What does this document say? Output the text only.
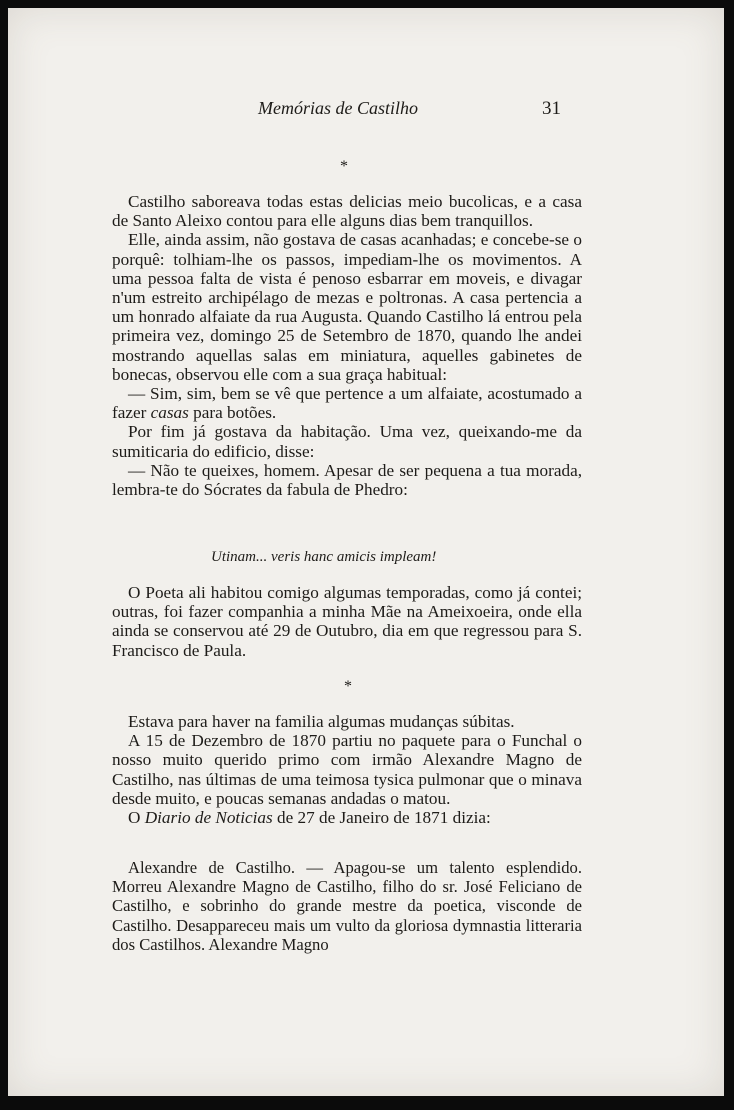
Memórias de Castilho	31
*

Castilho saboreava todas estas delicias meio bucolicas, e a casa de Santo Aleixo contou para elle alguns dias bem tranquillos.

Elle, ainda assim, não gostava de casas acanhadas; e concebe-se o porquê: tolhiam-lhe os passos, impediam-lhe os movimentos. A uma pessoa falta de vista é penoso esbarrar em moveis, e divagar n'um estreito archipélago de mezas e poltronas. A casa pertencia a um honrado alfaiate da rua Augusta. Quando Castilho lá entrou pela primeira vez, domingo 25 de Setembro de 1870, quando lhe andei mostrando aquellas salas em miniatura, aquelles gabinetes de bonecas, observou elle com a sua graça habitual:

— Sim, sim, bem se vê que pertence a um alfaiate, acostumado a fazer casas para botões.

Por fim já gostava da habitação. Uma vez, queixando-me da sumiticaria do edificio, disse:

— Não te queixes, homem. Apesar de ser pequena a tua morada, lembra-te do Sócrates da fabula de Phedro:

Utinam... veris hanc amicis impleam!

O Poeta ali habitou comigo algumas temporadas, como já contei; outras, foi fazer companhia a minha Mãe na Ameixoeira, onde ella ainda se conservou até 29 de Outubro, dia em que regressou para S. Francisco de Paula.

*

Estava para haver na familia algumas mudanças súbitas.

A 15 de Dezembro de 1870 partiu no paquete para o Funchal o nosso muito querido primo com irmão Alexandre Magno de Castilho, nas últimas de uma teimosa tysica pulmonar que o minava desde muito, e poucas semanas andadas o matou.

O Diario de Noticias de 27 de Janeiro de 1871 dizia:

Alexandre de Castilho. — Apagou-se um talento esplendido. Morreu Alexandre Magno de Castilho, filho do sr. José Feliciano de Castilho, e sobrinho do grande mestre da poetica, visconde de Castilho. Desappareceu mais um vulto da gloriosa dymnastia litteraria dos Castilhos. Alexandre Magno
